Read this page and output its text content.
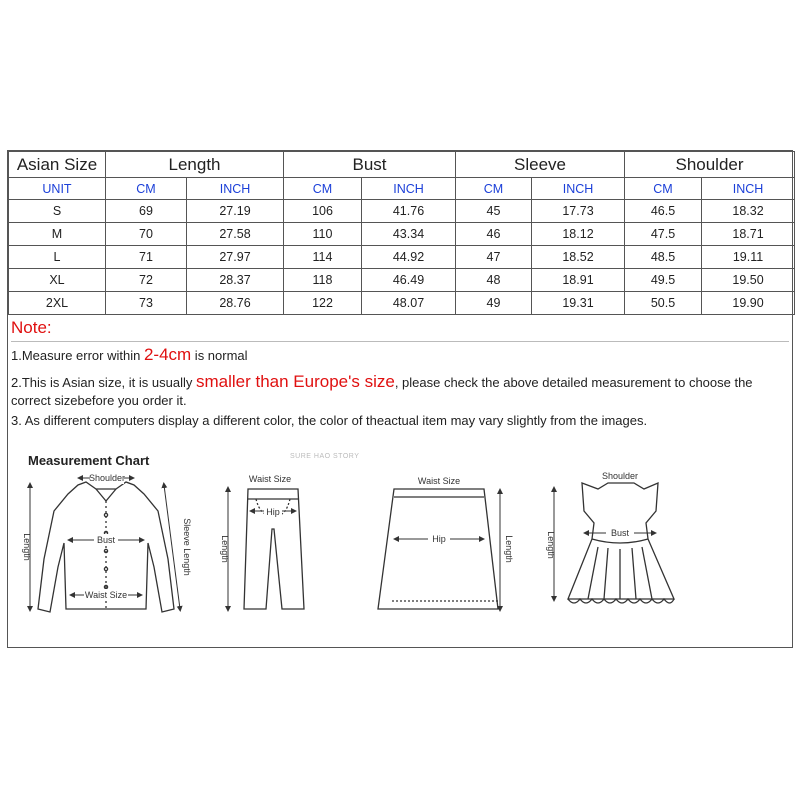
Asian Size	Length		Bust		Sleeve		Shoulder	
UNIT	CM	INCH	CM	INCH	CM	INCH	CM	INCH
S	69	27.19	106	41.76	45	17.73	46.5	18.32
M	70	27.58	110	43.34	46	18.12	47.5	18.71
L	71	27.97	114	44.92	47	18.52	48.5	19.11
XL	72	28.37	118	46.49	48	18.91	49.5	19.50
2XL	73	28.76	122	48.07	49	19.31	50.5	19.90
Note:
1.Measure error within 2-4cm is normal
2.This is Asian size, it is usually smaller than Europe's size, please check the above detailed measurement to choose the correct sizebefore you order it.
3. As different computers display a different color, the color of theactual item may vary slightly from the images.
Measurement Chart	SURE HAO STORY
Shoulder
Bust
Waist Size
Length	Sleeve Length
Waist Size
Hip
Length
Waist Size
Hip	Length
Shoulder
Bust
Length
